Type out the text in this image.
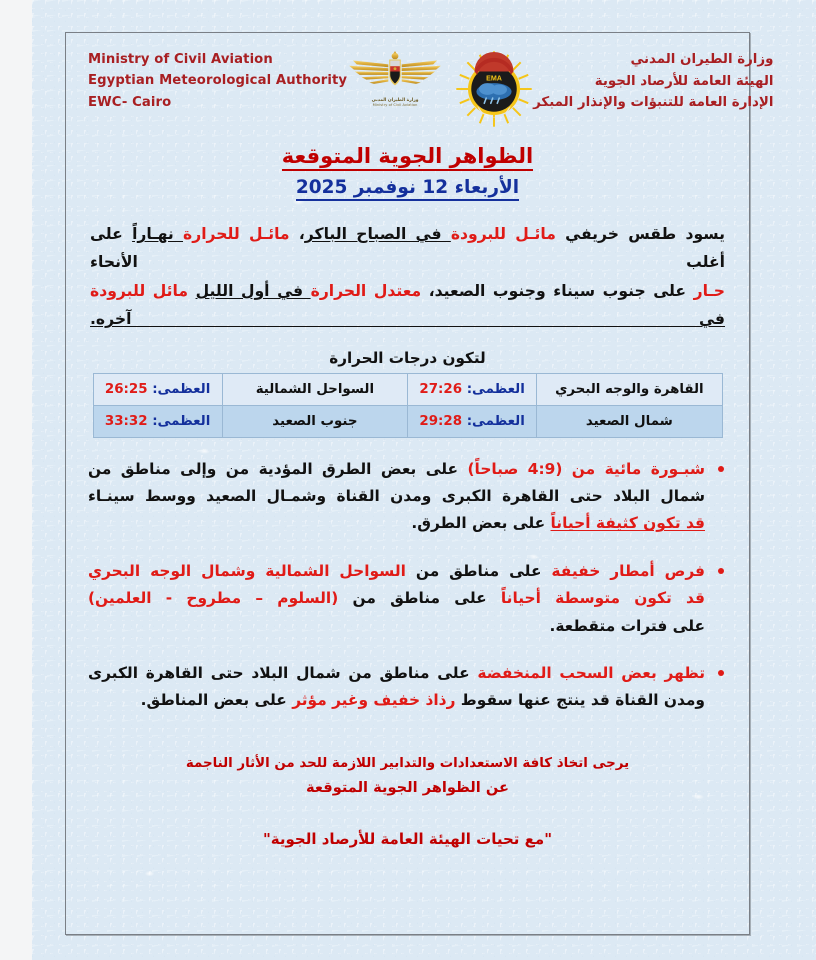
Ministry of Civil Aviation
Egyptian Meteorological Authority
EWC- Cairo	وزارة الطيران المدني
Ministry of Civil Aviation
EMA
وزارة الطيران المدني
الهيئة العامة للأرصاد الجوية
الإدارة العامة للتنبؤات والإنذار المبكر
الظواهر الجوية المتوقعة
الأربعاء 12 نوفمبر 2025
يسود طقس خريفي مائـل للبرودة في الصباح الباكر، مائـل للحرارة نهـاراً على أغلب الأنحاء
حـار على جنوب سيناء وجنوب الصعيد، معتدل الحرارة في أول الليل مائل للبرودة في آخره.
لتكون درجات الحرارة
القاهرة والوجه البحري	العظمى: 27:26	السواحل الشمالية	العظمى: 26:25
شمال الصعيد	العظمى: 29:28	جنوب الصعيد	العظمى: 33:32
شبـورة مائية من (4:9 صباحاً) على بعض الطرق المؤدية من وإلى مناطق من
شمال البلاد حتى القاهرة الكبرى ومدن القناة وشمـال الصعيد ووسط سينـاء
قد تكون كثيفة أحياناً على بعض الطرق.
فرص أمطار خفيفة على مناطق من السواحل الشمالية وشمال الوجه البحري
قد تكون متوسطة أحياناً على مناطق من (السلوم – مطروح - العلمين)
على فترات متقطعة.
تظهر بعض السحب المنخفضة على مناطق من شمال البلاد حتى القاهرة الكبرى
ومدن القناة قد ينتج عنها سقوط رذاذ خفيف وغير مؤثر على بعض المناطق.
يرجى اتخاذ كافة الاستعدادات والتدابير اللازمة للحد من الأثار الناجمة
عن الظواهر الجوية المتوقعة
"مع تحيات الهيئة العامة للأرصاد الجوية"
